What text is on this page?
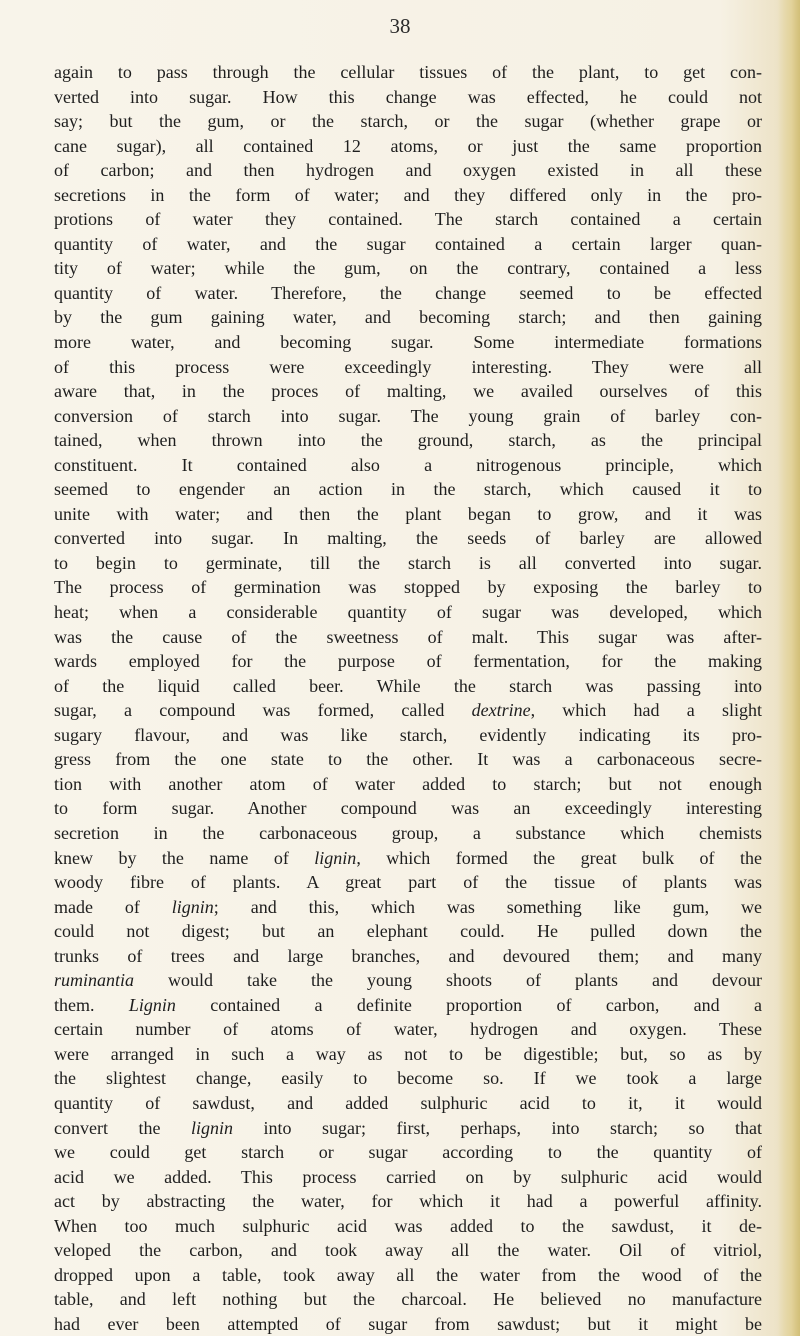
38
again to pass through the cellular tissues of the plant, to get con-
verted into sugar. How this change was effected, he could not
say; but the gum, or the starch, or the sugar (whether grape or
cane sugar), all contained 12 atoms, or just the same proportion
of carbon; and then hydrogen and oxygen existed in all these
secretions in the form of water; and they differed only in the pro-
protions of water they contained. The starch contained a certain
quantity of water, and the sugar contained a certain larger quan-
tity of water; while the gum, on the contrary, contained a less
quantity of water. Therefore, the change seemed to be effected
by the gum gaining water, and becoming starch; and then gaining
more water, and becoming sugar. Some intermediate formations
of this process were exceedingly interesting. They were all
aware that, in the proces of malting, we availed ourselves of this
conversion of starch into sugar. The young grain of barley con-
tained, when thrown into the ground, starch, as the principal
constituent. It contained also a nitrogenous principle, which
seemed to engender an action in the starch, which caused it to
unite with water; and then the plant began to grow, and it was
converted into sugar. In malting, the seeds of barley are allowed
to begin to germinate, till the starch is all converted into sugar.
The process of germination was stopped by exposing the barley to
heat; when a considerable quantity of sugar was developed, which
was the cause of the sweetness of malt. This sugar was after-
wards employed for the purpose of fermentation, for the making
of the liquid called beer. While the starch was passing into
sugar, a compound was formed, called dextrine, which had a slight
sugary flavour, and was like starch, evidently indicating its pro-
gress from the one state to the other. It was a carbonaceous secre-
tion with another atom of water added to starch; but not enough
to form sugar. Another compound was an exceedingly interesting
secretion in the carbonaceous group, a substance which chemists
knew by the name of lignin, which formed the great bulk of the
woody fibre of plants. A great part of the tissue of plants was
made of lignin; and this, which was something like gum, we
could not digest; but an elephant could. He pulled down the
trunks of trees and large branches, and devoured them; and many
ruminantia would take the young shoots of plants and devour
them. Lignin contained a definite proportion of carbon, and a
certain number of atoms of water, hydrogen and oxygen. These
were arranged in such a way as not to be digestible; but, so as by
the slightest change, easily to become so. If we took a large
quantity of sawdust, and added sulphuric acid to it, it would
convert the lignin into sugar; first, perhaps, into starch; so that
we could get starch or sugar according to the quantity of
acid we added. This process carried on by sulphuric acid would
act by abstracting the water, for which it had a powerful affinity.
When too much sulphuric acid was added to the sawdust, it de-
veloped the carbon, and took away all the water. Oil of vitriol,
dropped upon a table, took away all the water from the wood of the
table, and left nothing but the charcoal. He believed no manufacture
had ever been attempted of sugar from sawdust; but it might be
